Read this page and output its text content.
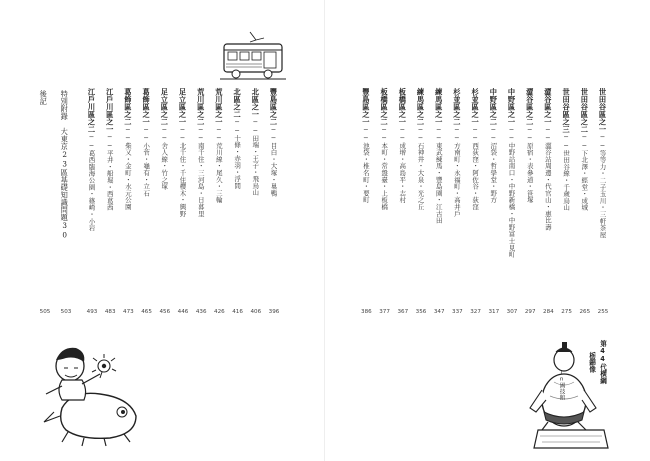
世田谷區之一──等等力・二子玉川・三軒茶屋
255
世田谷區之二──下北澤・經堂・成城
265
世田谷區之三──世田谷線・千歲烏山
275
澀谷區之一──澀谷站周邊・代官山・惠比壽
284
澀谷區之二──原宿・表參道・笹塚
297
中野區之一──中野站南口・中野新橋・中野富士見町
307
中野區之二──沼袋・哲學堂・野方
317
杉並區之一──西荻窪・阿佐谷・荻窪
327
杉並區之二──方南町・永福町・高井戶
337
練馬區之一──東武練馬・豐島園・江古田
347
練馬區之二──石神井・大泉・光之丘
356
板橋區之一──成增・高島平・志村
367
板橋區之二──本町・常盤臺・上板橋
377
豐島區之一──池袋・椎名町・要町
386
特別附錄　大東京23區基礎知識問題30
503
後記
505
豐島區之二──目白・大塚・巢鴨
396
北區之一──田端・王子・飛鳥山
406
北區之二──十條・赤羽・浮間
416
荒川區之一──荒川線・尾久・三輪
426
荒川區之二──南千住・三河島・日暮里
436
足立區之一──北千住・千住櫻木・興野
446
足立區之二──舍人線・竹之塚
456
葛飾區之一──小菅・龜有・立石
465
葛飾區之二──柴又・金町・水元公園
473
江戶川區之一──平井・船堀・西葛西
483
江戶川區之二──葛西臨海公園・篠崎・小岩
493
第44代横綱
栃錦像
in國技館
